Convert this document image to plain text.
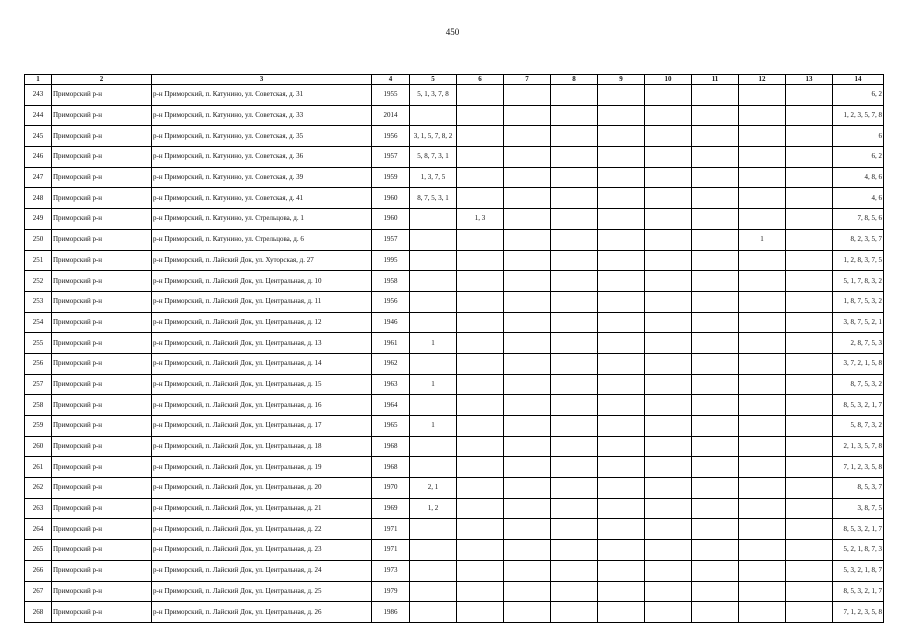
450
1	2	3	4	5	6	7	8	9	10	11	12	13	14
243	Приморский р-н	р-н Приморский, п. Катунино, ул. Советская, д. 31	1955	5, 1, 3, 7, 8									6, 2
244	Приморский р-н	р-н Приморский, п. Катунино, ул. Советская, д. 33	2014										1, 2, 3, 5, 7, 8
245	Приморский р-н	р-н Приморский, п. Катунино, ул. Советская, д. 35	1956	3, 1, 5, 7, 8, 2									6
246	Приморский р-н	р-н Приморский, п. Катунино, ул. Советская, д. 36	1957	5, 8, 7, 3, 1									6, 2
247	Приморский р-н	р-н Приморский, п. Катунино, ул. Советская, д. 39	1959	1, 3, 7, 5									4, 8, 6
248	Приморский р-н	р-н Приморский, п. Катунино, ул. Советская, д. 41	1960	8, 7, 5, 3, 1									4, 6
249	Приморский р-н	р-н Приморский, п. Катунино, ул. Стрельцова, д. 1	1960		1, 3								7, 8, 5, 6
250	Приморский р-н	р-н Приморский, п. Катунино, ул. Стрельцова, д. 6	1957								1		8, 2, 3, 5, 7
251	Приморский р-н	р-н Приморский, п. Лайский Док, ул. Хуторская, д. 27	1995										1, 2, 8, 3, 7, 5
252	Приморский р-н	р-н Приморский, п. Лайский Док, ул. Центральная, д. 10	1958										5, 1, 7, 8, 3, 2
253	Приморский р-н	р-н Приморский, п. Лайский Док, ул. Центральная, д. 11	1956										1, 8, 7, 5, 3, 2
254	Приморский р-н	р-н Приморский, п. Лайский Док, ул. Центральная, д. 12	1946										3, 8, 7, 5, 2, 1
255	Приморский р-н	р-н Приморский, п. Лайский Док, ул. Центральная, д. 13	1961	1									2, 8, 7, 5, 3
256	Приморский р-н	р-н Приморский, п. Лайский Док, ул. Центральная, д. 14	1962										3, 7, 2, 1, 5, 8
257	Приморский р-н	р-н Приморский, п. Лайский Док, ул. Центральная, д. 15	1963	1									8, 7, 5, 3, 2
258	Приморский р-н	р-н Приморский, п. Лайский Док, ул. Центральная, д. 16	1964										8, 5, 3, 2, 1, 7
259	Приморский р-н	р-н Приморский, п. Лайский Док, ул. Центральная, д. 17	1965	1									5, 8, 7, 3, 2
260	Приморский р-н	р-н Приморский, п. Лайский Док, ул. Центральная, д. 18	1968										2, 1, 3, 5, 7, 8
261	Приморский р-н	р-н Приморский, п. Лайский Док, ул. Центральная, д. 19	1968										7, 1, 2, 3, 5, 8
262	Приморский р-н	р-н Приморский, п. Лайский Док, ул. Центральная, д. 20	1970	2, 1									8, 5, 3, 7
263	Приморский р-н	р-н Приморский, п. Лайский Док, ул. Центральная, д. 21	1969	1, 2									3, 8, 7, 5
264	Приморский р-н	р-н Приморский, п. Лайский Док, ул. Центральная, д. 22	1971										8, 5, 3, 2, 1, 7
265	Приморский р-н	р-н Приморский, п. Лайский Док, ул. Центральная, д. 23	1971										5, 2, 1, 8, 7, 3
266	Приморский р-н	р-н Приморский, п. Лайский Док, ул. Центральная, д. 24	1973										5, 3, 2, 1, 8, 7
267	Приморский р-н	р-н Приморский, п. Лайский Док, ул. Центральная, д. 25	1979										8, 5, 3, 2, 1, 7
268	Приморский р-н	р-н Приморский, п. Лайский Док, ул. Центральная, д. 26	1986										7, 1, 2, 3, 5, 8
